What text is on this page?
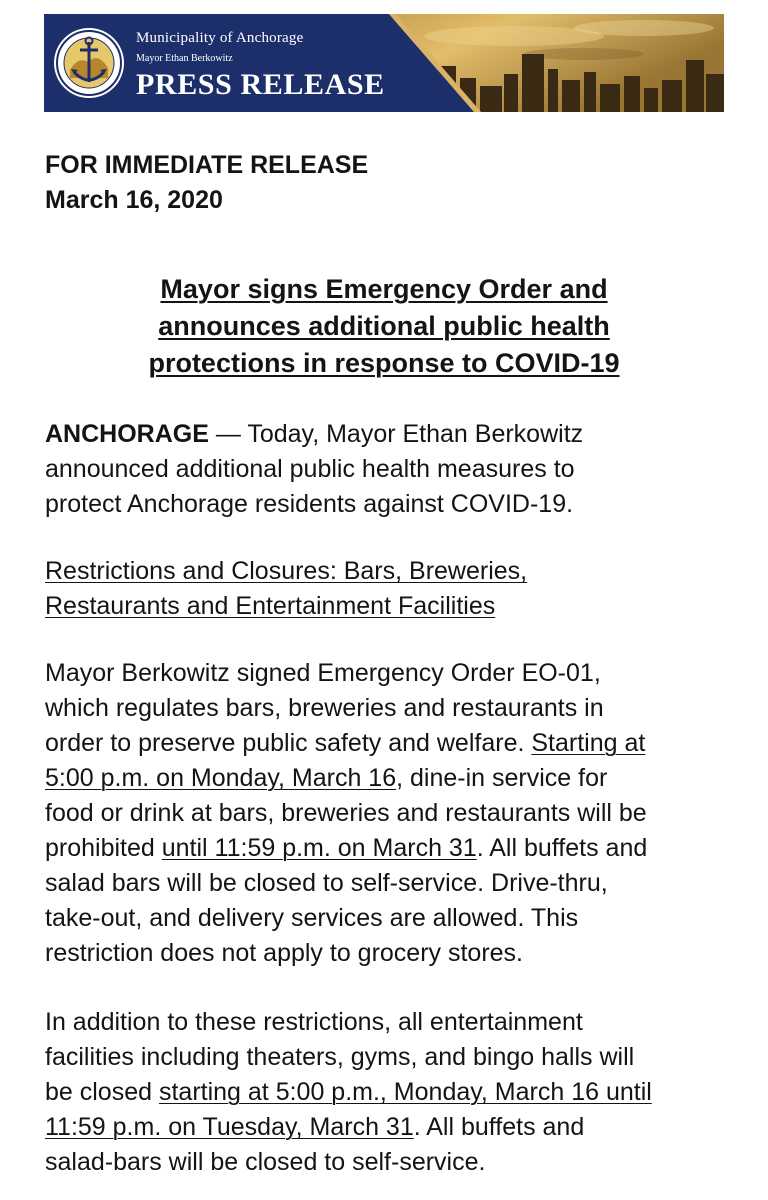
Municipality of Anchorage
Mayor Ethan Berkowitz
PRESS RELEASE
FOR IMMEDIATE RELEASE
March 16, 2020
Mayor signs Emergency Order and
announces additional public health
protections in response to COVID-19
ANCHORAGE — Today, Mayor Ethan Berkowitz
announced additional public health measures to
protect Anchorage residents against COVID-19.
Restrictions and Closures: Bars, Breweries,
Restaurants and Entertainment Facilities
Mayor Berkowitz signed Emergency Order EO-01,
which regulates bars, breweries and restaurants in
order to preserve public safety and welfare. Starting at
5:00 p.m. on Monday, March 16, dine-in service for
food or drink at bars, breweries and restaurants will be
prohibited until 11:59 p.m. on March 31. All buffets and
salad bars will be closed to self-service. Drive-thru,
take-out, and delivery services are allowed. This
restriction does not apply to grocery stores.
In addition to these restrictions, all entertainment
facilities including theaters, gyms, and bingo halls will
be closed starting at 5:00 p.m., Monday, March 16 until
11:59 p.m. on Tuesday, March 31. All buffets and
salad-bars will be closed to self-service.
